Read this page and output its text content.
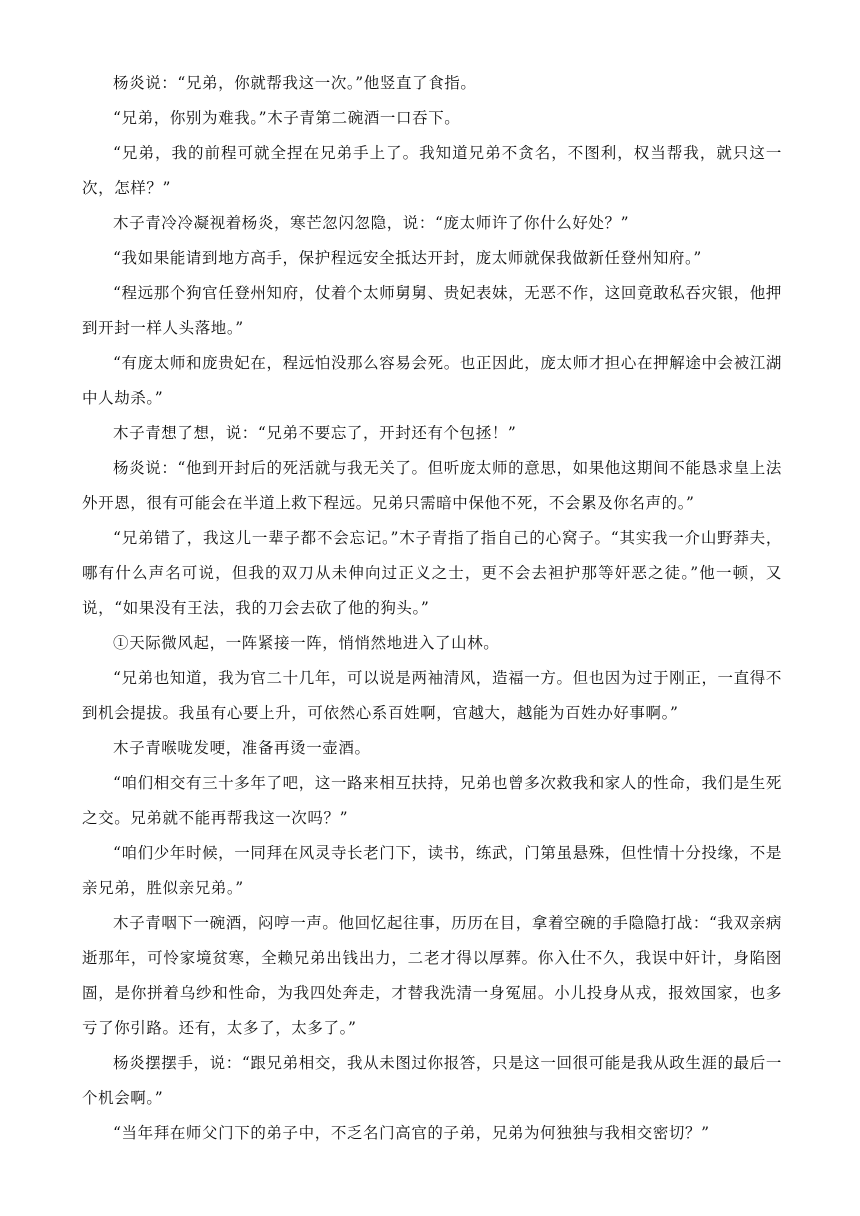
杨炎说：“兄弟，你就帮我这一次。”他竖直了食指。

“兄弟，你别为难我。”木子青第二碗酒一口吞下。

“兄弟，我的前程可就全捏在兄弟手上了。我知道兄弟不贪名，不图利，权当帮我，就只这一次，怎样？”

木子青冷冷凝视着杨炎，寒芒忽闪忽隐，说：“庞太师许了你什么好处？”

“我如果能请到地方高手，保护程远安全抵达开封，庞太师就保我做新任登州知府。”

“程远那个狗官任登州知府，仗着个太师舅舅、贵妃表妹，无恶不作，这回竟敢私吞灾银，他押到开封一样人头落地。”

“有庞太师和庞贵妃在，程远怕没那么容易会死。也正因此，庞太师才担心在押解途中会被江湖中人劫杀。”

木子青想了想，说：“兄弟不要忘了，开封还有个包拯！”

杨炎说：“他到开封后的死活就与我无关了。但听庞太师的意思，如果他这期间不能恳求皇上法外开恩，很有可能会在半道上救下程远。兄弟只需暗中保他不死，不会累及你名声的。”

“兄弟错了，我这儿一辈子都不会忘记。”木子青指了指自己的心窝子。“其实我一介山野莽夫，哪有什么声名可说，但我的双刀从未伸向过正义之士，更不会去袒护那等奸恶之徒。”他一顿，又说，“如果没有王法，我的刀会去砍了他的狗头。”

①天际微风起，一阵紧接一阵，悄悄然地进入了山林。

“兄弟也知道，我为官二十几年，可以说是两袖清风，造福一方。但也因为过于刚正，一直得不到机会提拔。我虽有心要上升，可依然心系百姓啊，官越大，越能为百姓办好事啊。”

木子青喉咙发哽，准备再烫一壶酒。

“咱们相交有三十多年了吧，这一路来相互扶持，兄弟也曾多次救我和家人的性命，我们是生死之交。兄弟就不能再帮我这一次吗？”

“咱们少年时候，一同拜在风灵寺长老门下，读书，练武，门第虽悬殊，但性情十分投缘，不是亲兄弟，胜似亲兄弟。”

木子青咽下一碗酒，闷哼一声。他回忆起往事，历历在目，拿着空碗的手隐隐打战：“我双亲病逝那年，可怜家境贫寒，全赖兄弟出钱出力，二老才得以厚葬。你入仕不久，我误中奸计，身陷囹圄，是你拼着乌纱和性命，为我四处奔走，才替我洗清一身冤屈。小儿投身从戎，报效国家，也多亏了你引路。还有，太多了，太多了。”

杨炎摆摆手，说：“跟兄弟相交，我从未图过你报答，只是这一回很可能是我从政生涯的最后一个机会啊。”

“当年拜在师父门下的弟子中，不乏名门高官的子弟，兄弟为何独独与我相交密切？”
